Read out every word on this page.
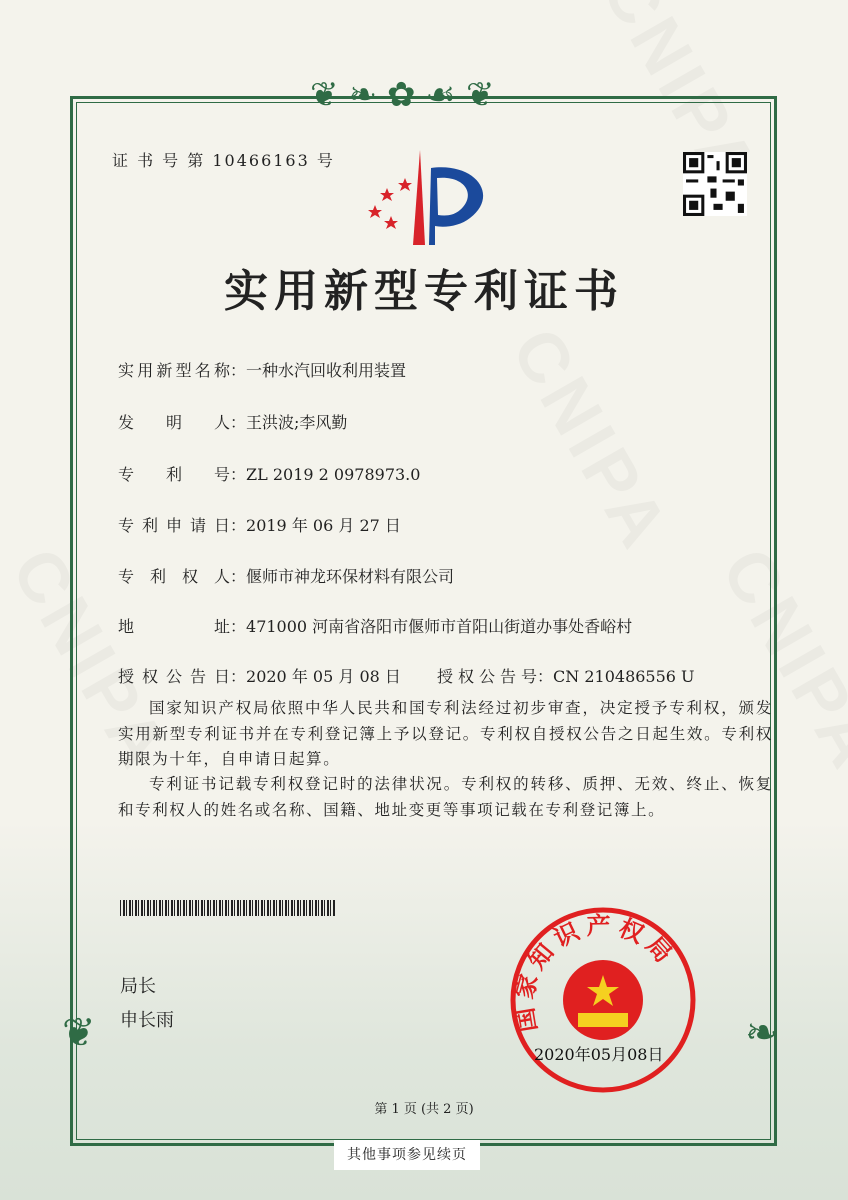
❦❧✿☙❦
❦	❧
证 书 号 第 10466163 号
实用新型专利证书
实用新型名称：一种水汽回收利用装置
发明人：王洪波;李风勤
专利号：ZL 2019 2 0978973.0
专利申请日：2019 年 06 月 27 日
专利权人：偃师市神龙环保材料有限公司
地址：471000 河南省洛阳市偃师市首阳山街道办事处香峪村
授权公告日：2020 年 05 月 08 日 授权公告号：CN 210486556 U
国家知识产权局依照中华人民共和国专利法经过初步审查，决定授予专利权，颁发实用新型专利证书并在专利登记簿上予以登记。专利权自授权公告之日起生效。专利权期限为十年，自申请日起算。
专利证书记载专利权登记时的法律状况。专利权的转移、质押、无效、终止、恢复和专利权人的姓名或名称、国籍、地址变更等事项记载在专利登记簿上。
局长
申长雨	国家知识产权局
2020年05月08日
第 1 页 (共 2 页)
其他事项参见续页
